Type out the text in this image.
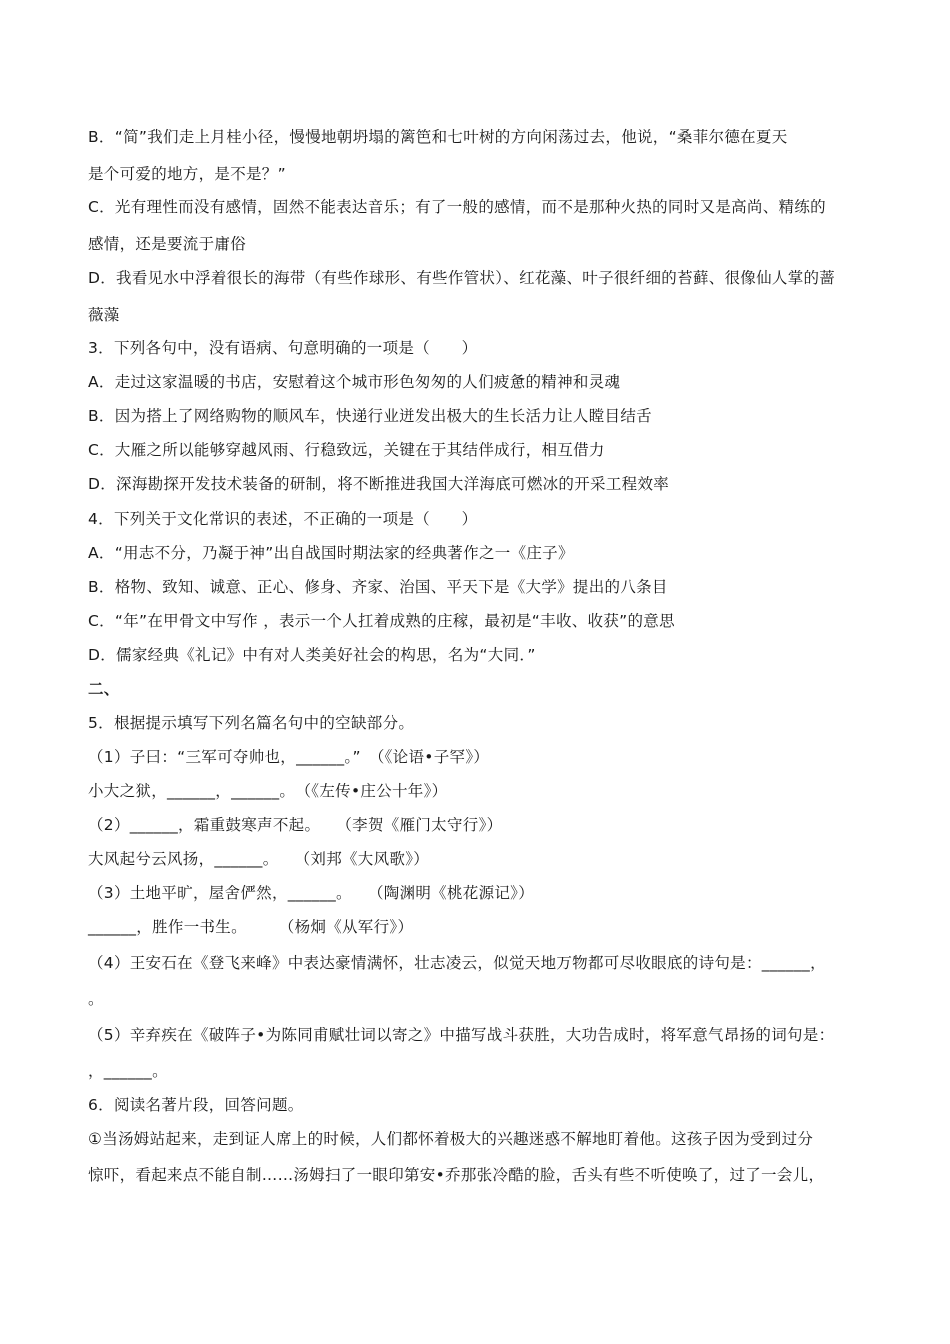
B．“简”我们走上月桂小径，慢慢地朝坍塌的篱笆和七叶树的方向闲荡过去，他说，“桑菲尔德在夏天
是个可爱的地方，是不是？”
C．光有理性而没有感情，固然不能表达音乐；有了一般的感情，而不是那种火热的同时又是高尚、精练的
感情，还是要流于庸俗
D．我看见水中浮着很长的海带（有些作球形、有些作管状）、红花藻、叶子很纤细的苔藓、很像仙人掌的蔷
薇藻
3．下列各句中，没有语病、句意明确的一项是（　　）
A．走过这家温暖的书店，安慰着这个城市形色匆匆的人们疲惫的精神和灵魂
B．因为搭上了网络购物的顺风车，快递行业迸发出极大的生长活力让人瞠目结舌
C．大雁之所以能够穿越风雨、行稳致远，关键在于其结伴成行，相互借力
D．深海勘探开发技术装备的研制，将不断推进我国大洋海底可燃冰的开采工程效率
4．下列关于文化常识的表述，不正确的一项是（　　）
A．“用志不分，乃凝于神”出自战国时期法家的经典著作之一《庄子》
B．格物、致知、诚意、正心、修身、齐家、治国、平天下是《大学》提出的八条目
C．“年”在甲骨文中写作 ，表示一个人扛着成熟的庄稼，最初是“丰收、收获”的意思
D．儒家经典《礼记》中有对人类美好社会的构思，名为“大同．”
二、
5．根据提示填写下列名篇名句中的空缺部分。
（1）子曰：“三军可夺帅也，______。”　（《论语•子罕》）
小大之狱，______，______。　（《左传•庄公十年》）
（2）______，霜重鼓寒声不起。　　（李贺《雁门太守行》）
大风起兮云风扬，______。　　（刘邦《大风歌》）
（3）土地平旷，屋舍俨然，______。　　（陶渊明《桃花源记》）
______，胜作一书生。　　　（杨炯《从军行》）
（4）王安石在《登飞来峰》中表达豪情满怀，壮志凌云，似觉天地万物都可尽收眼底的诗句是：______，
。
（5）辛弃疾在《破阵子•为陈同甫赋壮词以寄之》中描写战斗获胜，大功告成时，将军意气昂扬的词句是：
，______。
6．阅读名著片段，回答问题。
①当汤姆站起来，走到证人席上的时候，人们都怀着极大的兴趣迷惑不解地盯着他。这孩子因为受到过分
惊吓，看起来点不能自制……汤姆扫了一眼印第安•乔那张冷酷的脸，舌头有些不听使唤了，过了一会儿，
